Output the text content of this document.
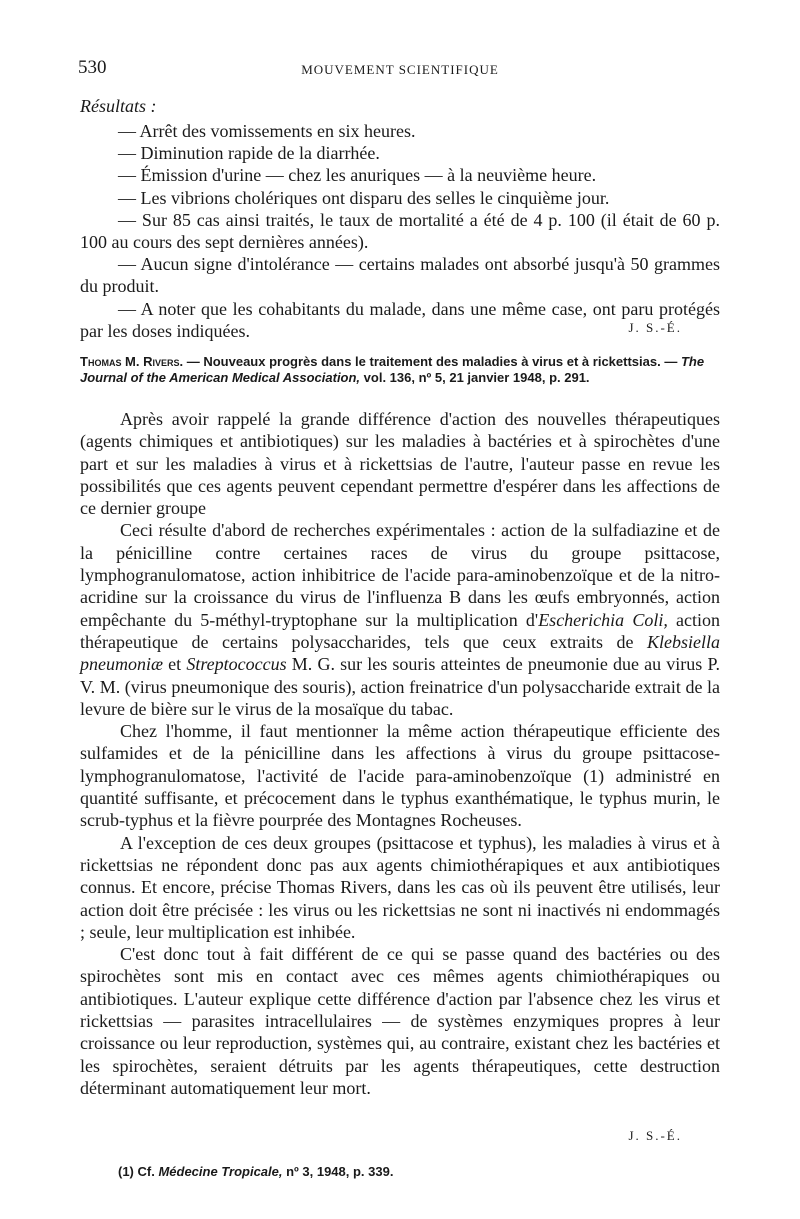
530	MOUVEMENT SCIENTIFIQUE
Résultats :

— Arrêt des vomissements en six heures.

— Diminution rapide de la diarrhée.

— Émission d'urine — chez les anuriques — à la neuvième heure.

— Les vibrions cholériques ont disparu des selles le cinquième jour.

— Sur 85 cas ainsi traités, le taux de mortalité a été de 4 p. 100 (il était de 60 p. 100 au cours des sept dernières années).

— Aucun signe d'intolérance — certains malades ont absorbé jusqu'à 50 grammes du produit.

— A noter que les cohabitants du malade, dans une même case, ont paru protégés par les doses indiquées.	J. S.-É.
Thomas M. Rivers. — Nouveaux progrès dans le traitement des maladies à virus et à rickettsias. — The Journal of the American Medical Association, vol. 136, nº 5, 21 janvier 1948, p. 291.

Après avoir rappelé la grande différence d'action des nouvelles thérapeutiques (agents chimiques et antibiotiques) sur les maladies à bactéries et à spirochètes d'une part et sur les maladies à virus et à rickettsias de l'autre, l'auteur passe en revue les possibilités que ces agents peuvent cependant permettre d'espérer dans les affections de ce dernier groupe

Ceci résulte d'abord de recherches expérimentales : action de la sulfadiazine et de la pénicilline contre certaines races de virus du groupe psittacose, lymphogranulomatose, action inhibitrice de l'acide para-aminobenzoïque et de la nitro-acridine sur la croissance du virus de l'influenza B dans les œufs embryonnés, action empêchante du 5-méthyl-tryptophane sur la multiplication d'Escherichia Coli, action thérapeutique de certains polysaccharides, tels que ceux extraits de Klebsiella pneumoniæ et Streptococcus M. G. sur les souris atteintes de pneumonie due au virus P. V. M. (virus pneumonique des souris), action freinatrice d'un polysaccharide extrait de la levure de bière sur le virus de la mosaïque du tabac.

Chez l'homme, il faut mentionner la même action thérapeutique efficiente des sulfamides et de la pénicilline dans les affections à virus du groupe psittacose-lymphogranulomatose, l'activité de l'acide para-aminobenzoïque (1) administré en quantité suffisante, et précocement dans le typhus exanthématique, le typhus murin, le scrub-typhus et la fièvre pourprée des Montagnes Rocheuses.

A l'exception de ces deux groupes (psittacose et typhus), les maladies à virus et à rickettsias ne répondent donc pas aux agents chimiothérapiques et aux antibiotiques connus. Et encore, précise Thomas Rivers, dans les cas où ils peuvent être utilisés, leur action doit être précisée : les virus ou les rickettsias ne sont ni inactivés ni endommagés ; seule, leur multiplication est inhibée.

C'est donc tout à fait différent de ce qui se passe quand des bactéries ou des spirochètes sont mis en contact avec ces mêmes agents chimiothérapiques ou antibiotiques. L'auteur explique cette différence d'action par l'absence chez les virus et rickettsias — parasites intracellulaires — de systèmes enzymiques propres à leur croissance ou leur reproduction, systèmes qui, au contraire, existant chez les bactéries et les spirochètes, seraient détruits par les agents thérapeutiques, cette destruction déterminant automatiquement leur mort.

J. S.-É.
(1) Cf. Médecine Tropicale, nº 3, 1948, p. 339.
